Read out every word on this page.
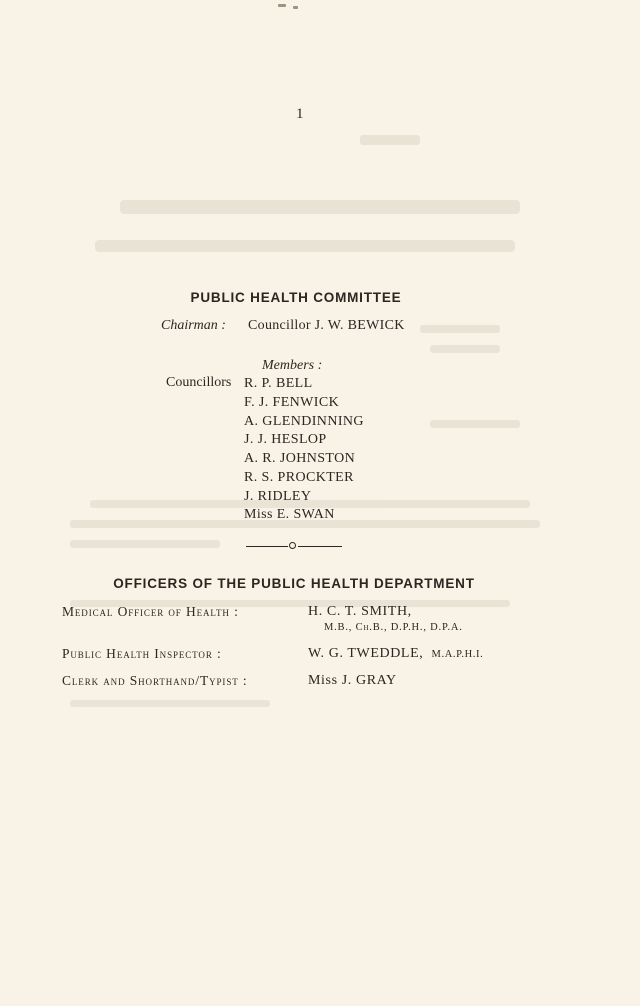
1
PUBLIC HEALTH COMMITTEE
Chairman : Councillor J. W. BEWICK
Members :
Councillors R. P. BELL
F. J. FENWICK
A. GLENDINNING
J. J. HESLOP
A. R. JOHNSTON
R. S. PROCKTER
J. RIDLEY
Miss E. SWAN
OFFICERS OF THE PUBLIC HEALTH DEPARTMENT
Medical Officer of Health :	H. C. T. SMITH,
M.B., Ch.B., D.P.H., D.P.A.
Public Health Inspector :	W. G. TWEDDLE, M.A.P.H.I.
Clerk and Shorthand/Typist :	Miss J. GRAY
